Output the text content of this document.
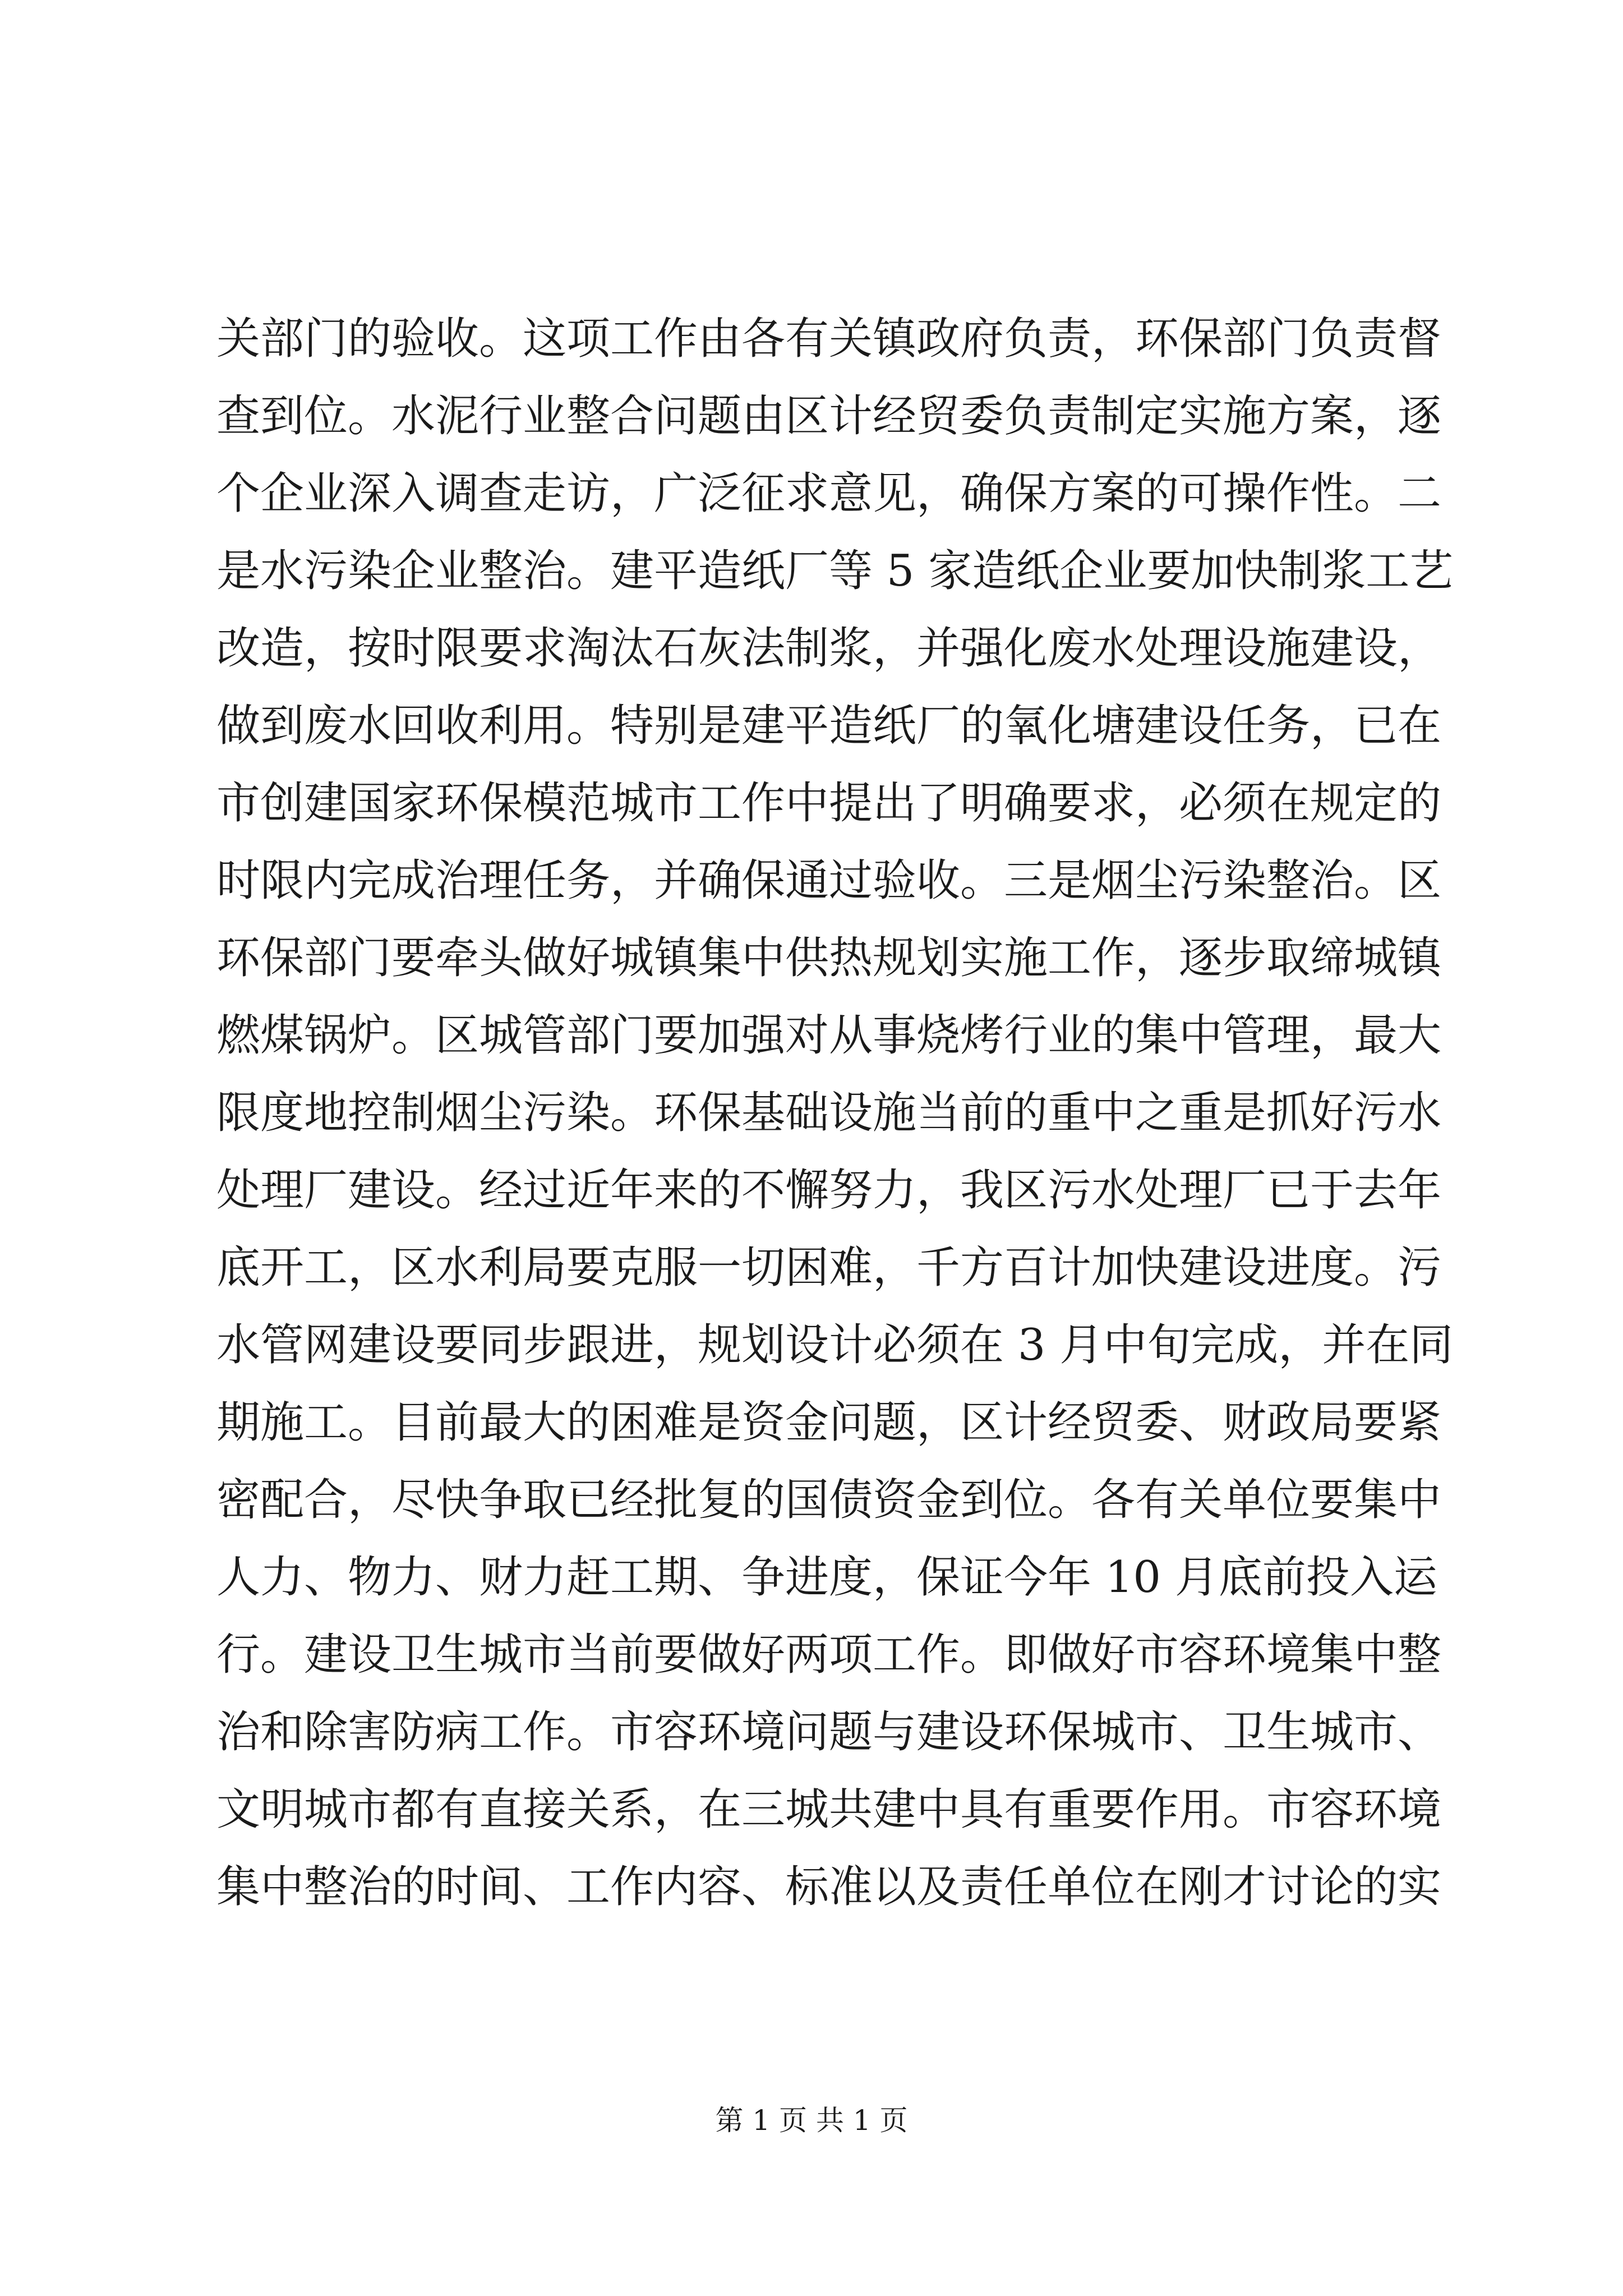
关部门的验收。这项工作由各有关镇政府负责，环保部门负责督
查到位。水泥行业整合问题由区计经贸委负责制定实施方案，逐
个企业深入调查走访，广泛征求意见，确保方案的可操作性。二
是水污染企业整治。建平造纸厂等 5 家造纸企业要加快制浆工艺
改造，按时限要求淘汰石灰法制浆，并强化废水处理设施建设，
做到废水回收利用。特别是建平造纸厂的氧化塘建设任务，已在
市创建国家环保模范城市工作中提出了明确要求，必须在规定的
时限内完成治理任务，并确保通过验收。三是烟尘污染整治。区
环保部门要牵头做好城镇集中供热规划实施工作，逐步取缔城镇
燃煤锅炉。区城管部门要加强对从事烧烤行业的集中管理，最大
限度地控制烟尘污染。环保基础设施当前的重中之重是抓好污水
处理厂建设。经过近年来的不懈努力，我区污水处理厂已于去年
底开工，区水利局要克服一切困难，千方百计加快建设进度。污
水管网建设要同步跟进，规划设计必须在 3 月中旬完成，并在同
期施工。目前最大的困难是资金问题，区计经贸委、财政局要紧
密配合，尽快争取已经批复的国债资金到位。各有关单位要集中
人力、物力、财力赶工期、争进度，保证今年 10 月底前投入运
行。建设卫生城市当前要做好两项工作。即做好市容环境集中整
治和除害防病工作。市容环境问题与建设环保城市、卫生城市、
文明城市都有直接关系，在三城共建中具有重要作用。市容环境
集中整治的时间、工作内容、标准以及责任单位在刚才讨论的实
第 1 页 共 1 页
